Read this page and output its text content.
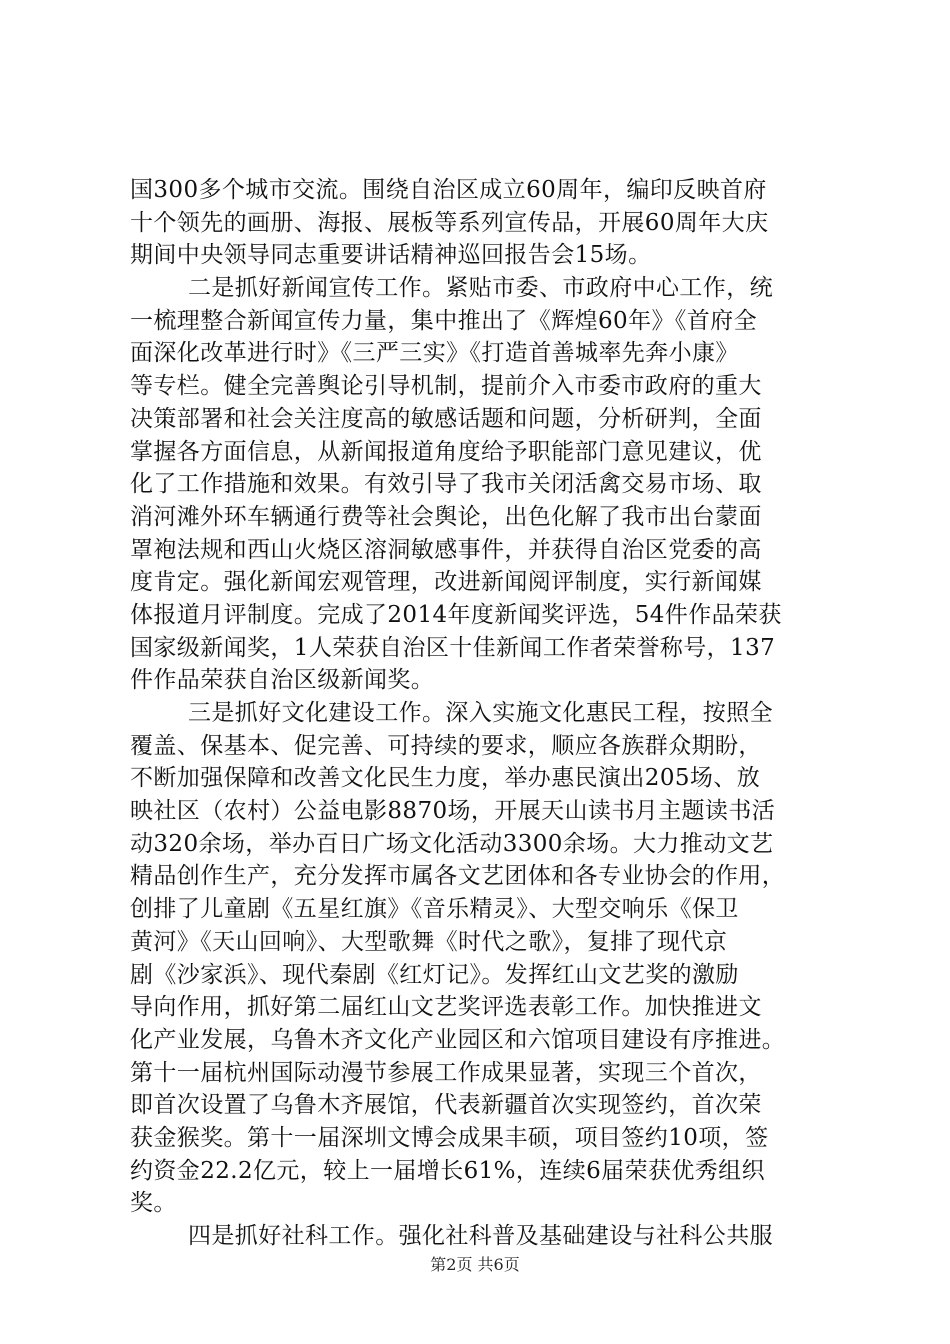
国300多个城市交流。围绕自治区成立60周年，编印反映首府
十个领先的画册、海报、展板等系列宣传品，开展60周年大庆
期间中央领导同志重要讲话精神巡回报告会15场。
二是抓好新闻宣传工作。紧贴市委、市政府中心工作，统
一梳理整合新闻宣传力量，集中推出了《辉煌60年》《首府全
面深化改革进行时》《三严三实》《打造首善城率先奔小康》
等专栏。健全完善舆论引导机制，提前介入市委市政府的重大
决策部署和社会关注度高的敏感话题和问题，分析研判，全面
掌握各方面信息，从新闻报道角度给予职能部门意见建议，优
化了工作措施和效果。有效引导了我市关闭活禽交易市场、取
消河滩外环车辆通行费等社会舆论，出色化解了我市出台蒙面
罩袍法规和西山火烧区溶洞敏感事件，并获得自治区党委的高
度肯定。强化新闻宏观管理，改进新闻阅评制度，实行新闻媒
体报道月评制度。完成了2014年度新闻奖评选，54件作品荣获
国家级新闻奖，1人荣获自治区十佳新闻工作者荣誉称号，137
件作品荣获自治区级新闻奖。
三是抓好文化建设工作。深入实施文化惠民工程，按照全
覆盖、保基本、促完善、可持续的要求，顺应各族群众期盼，
不断加强保障和改善文化民生力度，举办惠民演出205场、放
映社区（农村）公益电影8870场，开展天山读书月主题读书活
动320余场，举办百日广场文化活动3300余场。大力推动文艺
精品创作生产，充分发挥市属各文艺团体和各专业协会的作用，
创排了儿童剧《五星红旗》《音乐精灵》、大型交响乐《保卫
黄河》《天山回响》、大型歌舞《时代之歌》，复排了现代京
剧《沙家浜》、现代秦剧《红灯记》。发挥红山文艺奖的激励
导向作用，抓好第二届红山文艺奖评选表彰工作。加快推进文
化产业发展，乌鲁木齐文化产业园区和六馆项目建设有序推进。
第十一届杭州国际动漫节参展工作成果显著，实现三个首次，
即首次设置了乌鲁木齐展馆，代表新疆首次实现签约，首次荣
获金猴奖。第十一届深圳文博会成果丰硕，项目签约10项，签
约资金22.2亿元，较上一届增长61%，连续6届荣获优秀组织
奖。
四是抓好社科工作。强化社科普及基础建设与社科公共服
第2页 共6页
